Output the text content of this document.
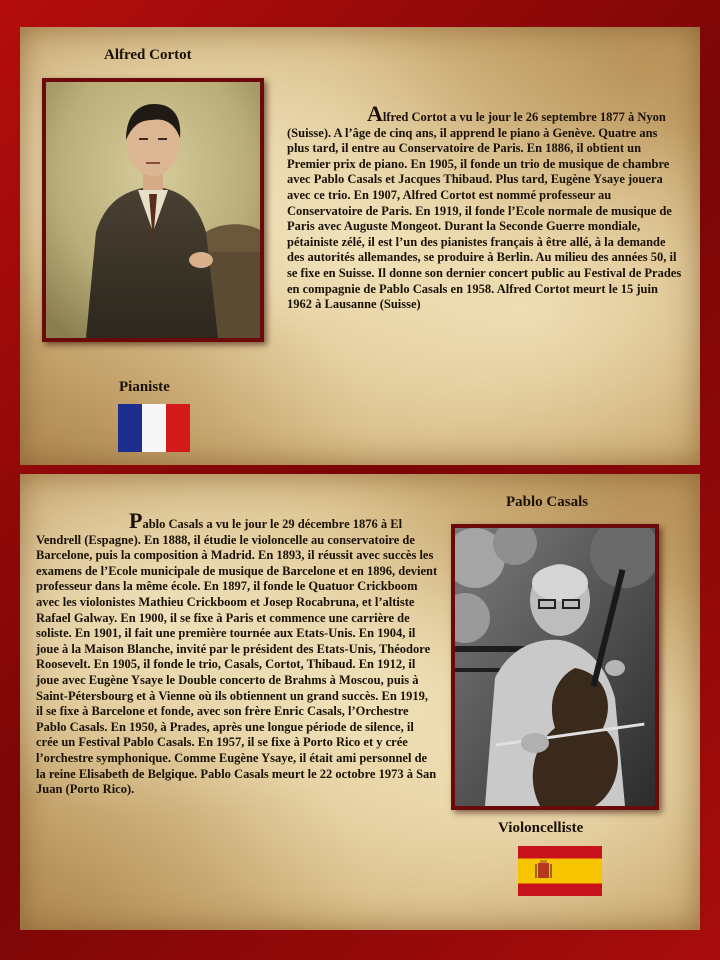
Alfred Cortot
Pianiste

Alfred Cortot a vu le jour le 26 septembre 1877 à Nyon (Suisse). A l’âge de cinq ans, il apprend le piano à Genève. Quatre ans plus tard, il entre au Conservatoire de Paris. En 1886, il obtient un Premier prix de piano. En 1905, il fonde un trio de musique de chambre avec Pablo Casals et Jacques Thibaud. Plus tard, Eugène Ysaye jouera avec ce trio. En 1907, Alfred Cortot est nommé professeur au Conservatoire de Paris. En 1919, il fonde l’Ecole normale de musique de Paris avec Auguste Mongeot. Durant la Seconde Guerre mondiale, pétainiste zélé, il est l’un des pianistes français à être allé, à la demande des autorités allemandes, se produire à Berlin. Au milieu des années 50, il se fixe en Suisse. Il donne son dernier concert public au Festival de Prades en compagnie de Pablo Casals en 1958. Alfred Cortot meurt le 15 juin 1962 à Lausanne (Suisse)

Pablo Casals
Violoncelliste

Pablo Casals a vu le jour le 29 décembre 1876 à El Vendrell (Espagne). En 1888, il étudie le violoncelle au conservatoire de Barcelone, puis la composition à Madrid. En 1893, il réussit avec succès les examens de l’Ecole municipale de musique de Barcelone et en 1896, devient professeur dans la même école. En 1897, il fonde le Quatuor Crickboom avec les violonistes Mathieu Crickboom et Josep Rocabruna, et l’altiste Rafael Galway. En 1900, il se fixe à Paris et commence une carrière de soliste. En 1901, il fait une première tournée aux Etats-Unis. En 1904, il joue à la Maison Blanche, invité par le président des Etats-Unis, Théodore Roosevelt. En 1905, il fonde le trio, Casals, Cortot, Thibaud. En 1912, il joue avec Eugène Ysaye le Double concerto de Brahms à Moscou, puis à Saint-Pétersbourg et à Vienne où ils obtiennent un grand succès. En 1919, il se fixe à Barcelone et fonde, avec son frère Enric Casals, l’Orchestre Pablo Casals. En 1950, à Prades, après une longue période de silence, il crée un Festival Pablo Casals. En 1957, il se fixe à Porto Rico et y crée l’orchestre symphonique. Comme Eugène Ysaye, il était ami personnel de la reine Elisabeth de Belgique. Pablo Casals meurt le 22 octobre 1973 à San Juan (Porto Rico).
